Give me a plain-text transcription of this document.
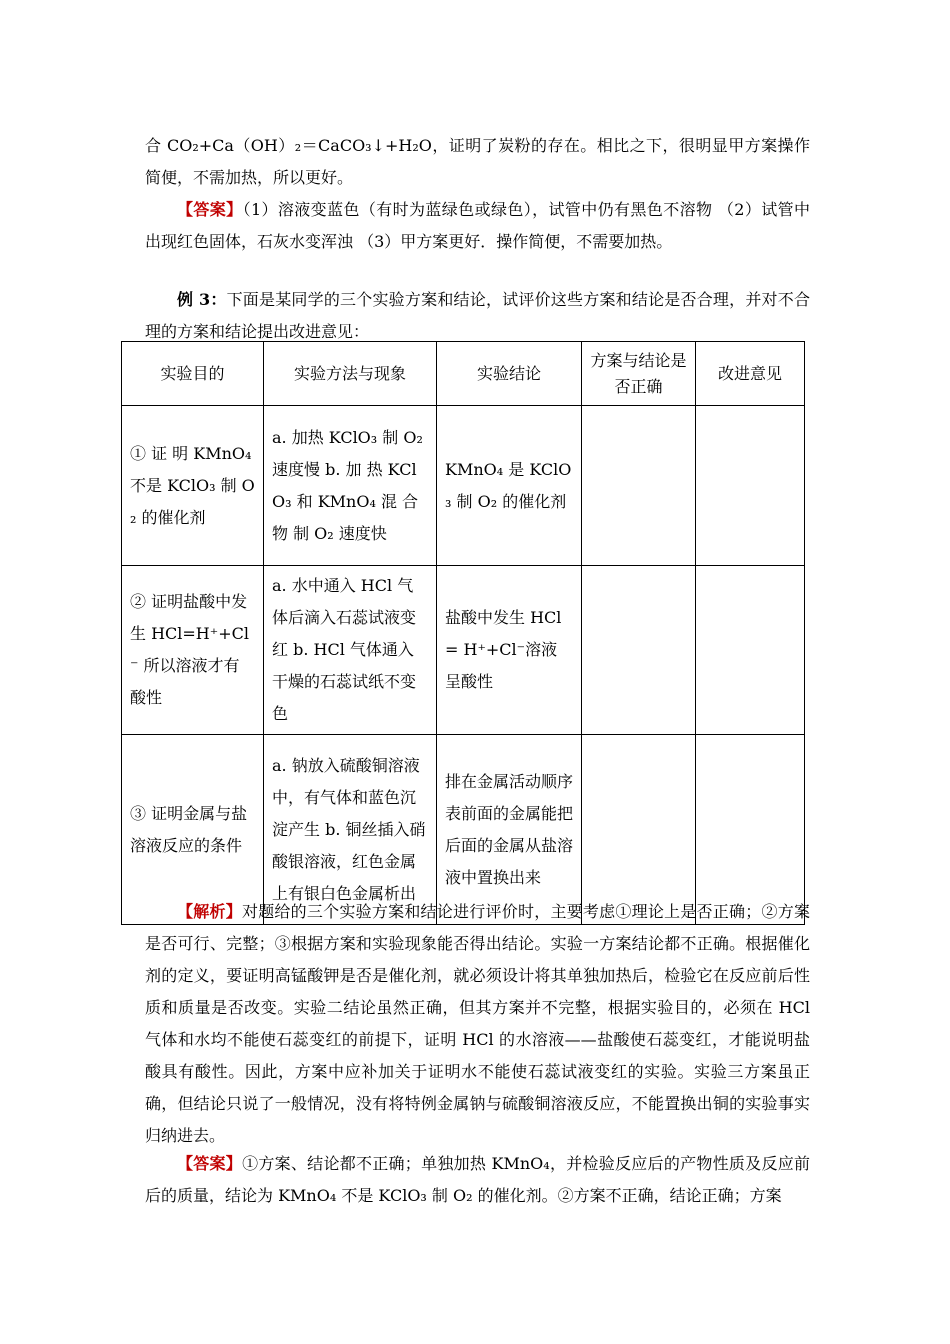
合 CO₂+Ca（OH）₂＝CaCO₃↓+H₂O，证明了炭粉的存在。相比之下，很明显甲方案操作简便，不需加热，所以更好。

【答案】（1）溶液变蓝色（有时为蓝绿色或绿色），试管中仍有黑色不溶物 （2）试管中出现红色固体，石灰水变浑浊 （3）甲方案更好．操作简便，不需要加热。

例 3：下面是某同学的三个实验方案和结论，试评价这些方案和结论是否合理，并对不合理的方案和结论提出改进意见：

实验目的	实验方法与现象	实验结论	方案与结论是否正确	改进意见
① 证 明 KMnO₄ 不是 KClO₃ 制 O₂ 的催化剂	a. 加热 KClO₃ 制 O₂ 速度慢 b. 加 热 KClO₃ 和 KMnO₄ 混 合 物 制 O₂ 速度快	KMnO₄ 是 KClO₃ 制 O₂ 的催化剂		
② 证明盐酸中发生 HCl=H⁺+Cl⁻ 所以溶液才有酸性	a. 水中通入 HCl 气体后滴入石蕊试液变红 b. HCl 气体通入干燥的石蕊试纸不变色	盐酸中发生 HCl= H⁺+Cl⁻溶液呈酸性		
③ 证明金属与盐溶液反应的条件	a. 钠放入硫酸铜溶液中，有气体和蓝色沉淀产生 b. 铜丝插入硝酸银溶液，红色金属上有银白色金属析出	排在金属活动顺序表前面的金属能把后面的金属从盐溶液中置换出来		

【解析】对题给的三个实验方案和结论进行评价时，主要考虑①理论上是否正确；②方案是否可行、完整；③根据方案和实验现象能否得出结论。实验一方案结论都不正确。根据催化剂的定义，要证明高锰酸钾是否是催化剂，就必须设计将其单独加热后，检验它在反应前后性质和质量是否改变。实验二结论虽然正确，但其方案并不完整，根据实验目的，必须在 HCl 气体和水均不能使石蕊变红的前提下，证明 HCl 的水溶液——盐酸使石蕊变红，才能说明盐酸具有酸性。因此，方案中应补加关于证明水不能使石蕊试液变红的实验。实验三方案虽正确，但结论只说了一般情况，没有将特例金属钠与硫酸铜溶液反应，不能置换出铜的实验事实归纳进去。

【答案】①方案、结论都不正确；单独加热 KMnO₄，并检验反应后的产物性质及反应前后的质量，结论为 KMnO₄ 不是 KClO₃ 制 O₂ 的催化剂。②方案不正确，结论正确；方案
